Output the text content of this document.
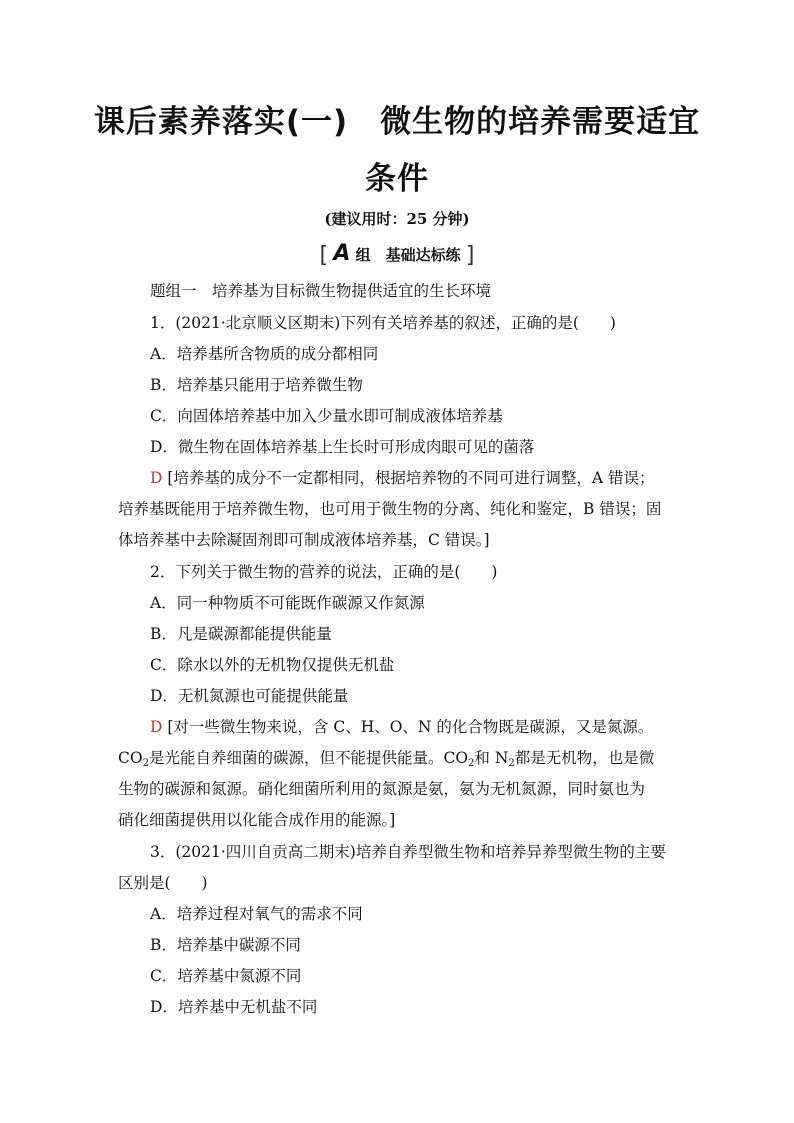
课后素养落实(一)　微生物的培养需要适宜
条件
(建议用时：25 分钟)
[ A 组　基础达标练 ]
题组一　培养基为目标微生物提供适宜的生长环境
1．(2021·北京顺义区期末)下列有关培养基的叙述，正确的是(　　)
A．培养基所含物质的成分都相同
B．培养基只能用于培养微生物
C．向固体培养基中加入少量水即可制成液体培养基
D．微生物在固体培养基上生长时可形成肉眼可见的菌落
D [培养基的成分不一定都相同，根据培养物的不同可进行调整，A 错误；
培养基既能用于培养微生物，也可用于微生物的分离、纯化和鉴定，B 错误；固
体培养基中去除凝固剂即可制成液体培养基，C 错误。]
2．下列关于微生物的营养的说法，正确的是(　　)
A．同一种物质不可能既作碳源又作氮源
B．凡是碳源都能提供能量
C．除水以外的无机物仅提供无机盐
D．无机氮源也可能提供能量
D [对一些微生物来说，含 C、H、O、N 的化合物既是碳源，又是氮源。
$CO_2$是光能自养细菌的碳源，但不能提供能量。$CO_2$和 $N_2$都是无机物，也是微
生物的碳源和氮源。硝化细菌所利用的氮源是氨，氨为无机氮源，同时氨也为
硝化细菌提供用以化能合成作用的能源。]
3．(2021·四川自贡高二期末)培养自养型微生物和培养异养型微生物的主要
区别是(　　)
A．培养过程对氧气的需求不同
B．培养基中碳源不同
C．培养基中氮源不同
D．培养基中无机盐不同
